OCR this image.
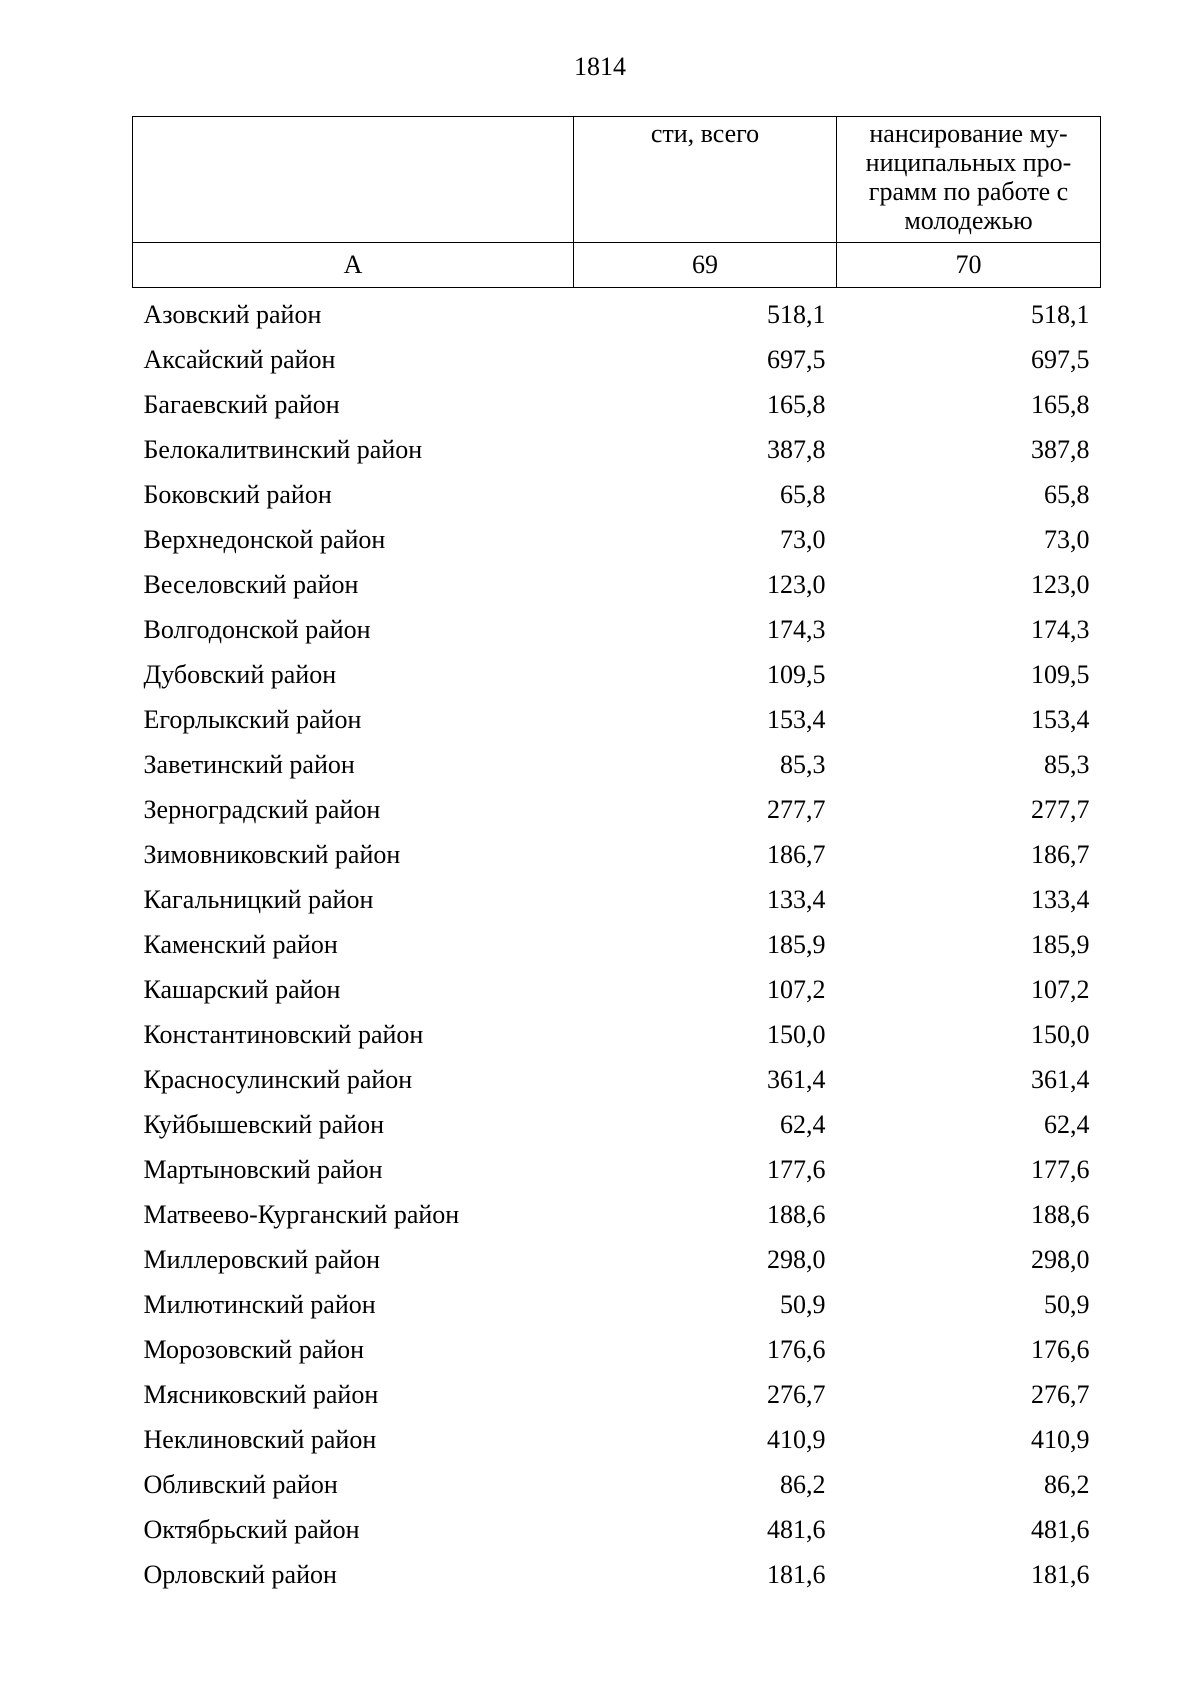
1814
	сти, всего	нансирование му-ниципальных про-грамм по работе с молодежью
А	69	70
Азовский район	518,1	518,1
Аксайский район	697,5	697,5
Багаевский район	165,8	165,8
Белокалитвинский район	387,8	387,8
Боковский район	65,8	65,8
Верхнедонской район	73,0	73,0
Веселовский район	123,0	123,0
Волгодонской район	174,3	174,3
Дубовский район	109,5	109,5
Егорлыкский район	153,4	153,4
Заветинский район	85,3	85,3
Зерноградский район	277,7	277,7
Зимовниковский район	186,7	186,7
Кагальницкий район	133,4	133,4
Каменский район	185,9	185,9
Кашарский район	107,2	107,2
Константиновский район	150,0	150,0
Красносулинский район	361,4	361,4
Куйбышевский район	62,4	62,4
Мартыновский район	177,6	177,6
Матвеево-Курганский район	188,6	188,6
Миллеровский район	298,0	298,0
Милютинский район	50,9	50,9
Морозовский район	176,6	176,6
Мясниковский район	276,7	276,7
Неклиновский район	410,9	410,9
Обливский район	86,2	86,2
Октябрьский район	481,6	481,6
Орловский район	181,6	181,6
